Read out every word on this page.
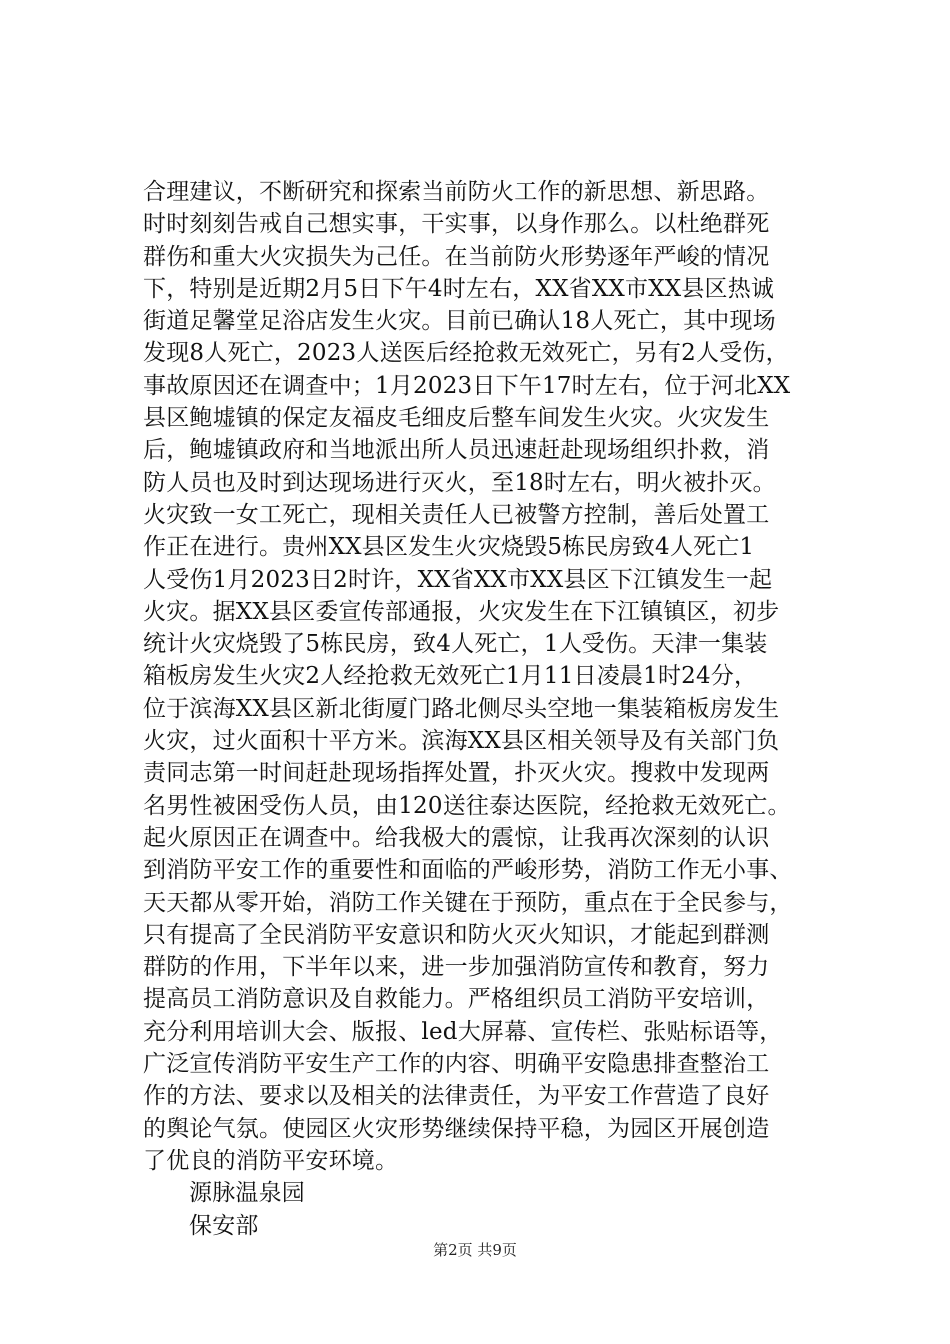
合理建议，不断研究和探索当前防火工作的新思想、新思路。
时时刻刻告戒自己想实事，干实事，以身作那么。以杜绝群死
群伤和重大火灾损失为己任。在当前防火形势逐年严峻的情况
下，特别是近期2月5日下午4时左右，XX省XX市XX县区热诚
街道足馨堂足浴店发生火灾。目前已确认18人死亡，其中现场
发现8人死亡，2023人送医后经抢救无效死亡，另有2人受伤，
事故原因还在调查中；1月2023日下午17时左右，位于河北XX
县区鲍墟镇的保定友福皮毛细皮后整车间发生火灾。火灾发生
后，鲍墟镇政府和当地派出所人员迅速赶赴现场组织扑救，消
防人员也及时到达现场进行灭火，至18时左右，明火被扑灭。
火灾致一女工死亡，现相关责任人已被警方控制，善后处置工
作正在进行。贵州XX县区发生火灾烧毁5栋民房致4人死亡1
人受伤1月2023日2时许，XX省XX市XX县区下江镇发生一起
火灾。据XX县区委宣传部通报，火灾发生在下江镇镇区，初步
统计火灾烧毁了5栋民房，致4人死亡，1人受伤。天津一集装
箱板房发生火灾2人经抢救无效死亡1月11日凌晨1时24分，
位于滨海XX县区新北街厦门路北侧尽头空地一集装箱板房发生
火灾，过火面积十平方米。滨海XX县区相关领导及有关部门负
责同志第一时间赶赴现场指挥处置，扑灭火灾。搜救中发现两
名男性被困受伤人员，由120送往泰达医院，经抢救无效死亡。
起火原因正在调查中。给我极大的震惊，让我再次深刻的认识
到消防平安工作的重要性和面临的严峻形势，消防工作无小事、
天天都从零开始，消防工作关键在于预防，重点在于全民参与，
只有提高了全民消防平安意识和防火灭火知识，才能起到群测
群防的作用，下半年以来，进一步加强消防宣传和教育，努力
提高员工消防意识及自救能力。严格组织员工消防平安培训，
充分利用培训大会、版报、led大屏幕、宣传栏、张贴标语等，
广泛宣传消防平安生产工作的内容、明确平安隐患排查整治工
作的方法、要求以及相关的法律责任，为平安工作营造了良好
的舆论气氛。使园区火灾形势继续保持平稳，为园区开展创造
了优良的消防平安环境。
源脉温泉园
保安部
第2页 共9页
